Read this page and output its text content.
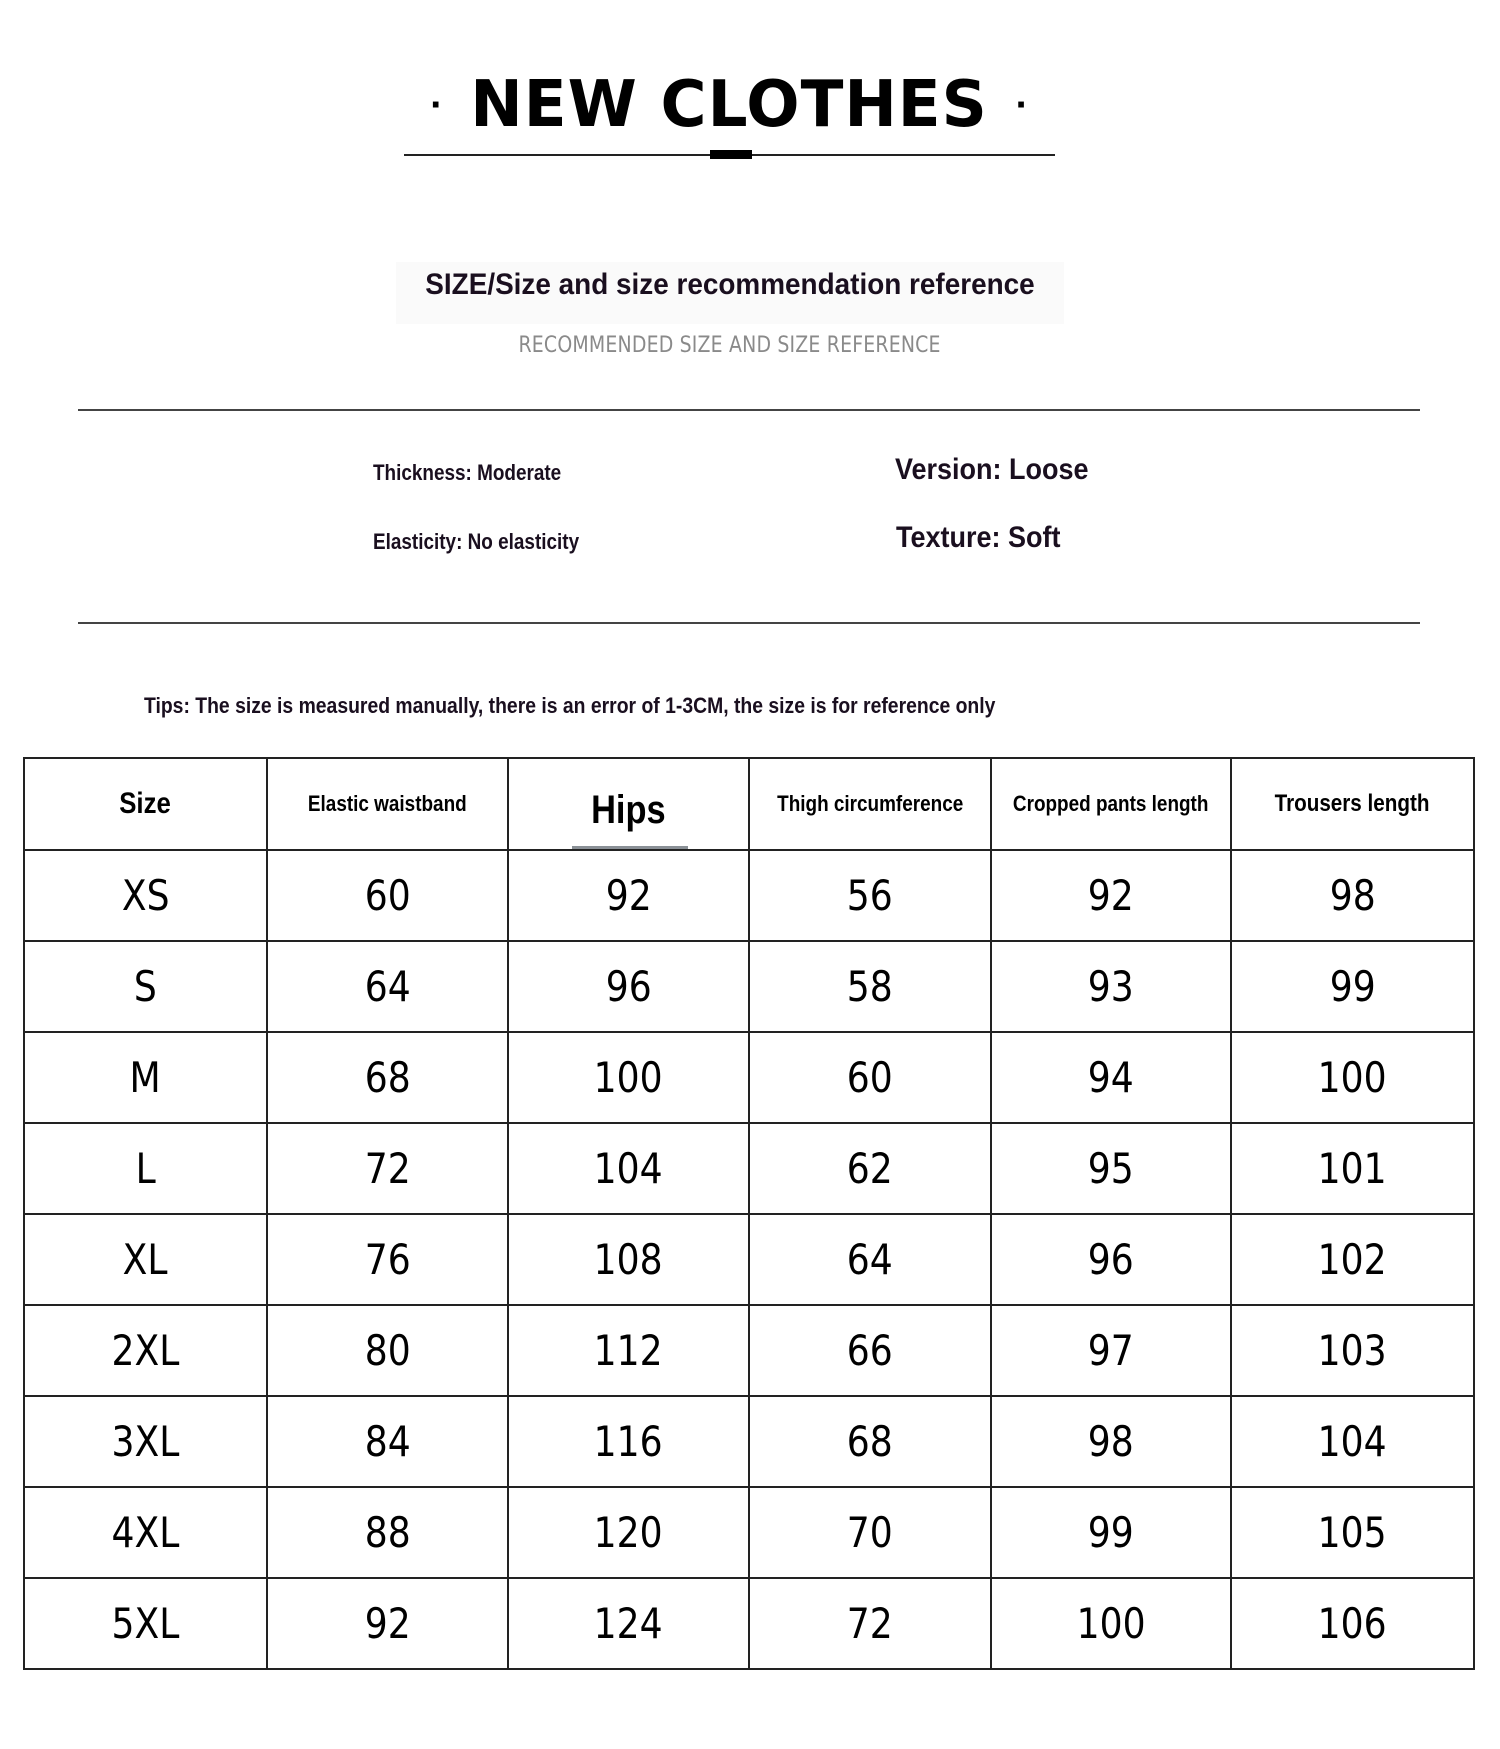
· NEW CLOTHES ·
SIZE/Size and size recommendation reference
RECOMMENDED SIZE AND SIZE REFERENCE
Thickness: Moderate	Version: Loose
Elasticity: No elasticity	Texture: Soft
Tips: The size is measured manually, there is an error of 1-3CM, the size is for reference only
Size	Elastic waistband	Hips	Thigh circumference	Cropped pants length	Trousers length
XS	60	92	56	92	98
S	64	96	58	93	99
M	68	100	60	94	100
L	72	104	62	95	101
XL	76	108	64	96	102
2XL	80	112	66	97	103
3XL	84	116	68	98	104
4XL	88	120	70	99	105
5XL	92	124	72	100	106
